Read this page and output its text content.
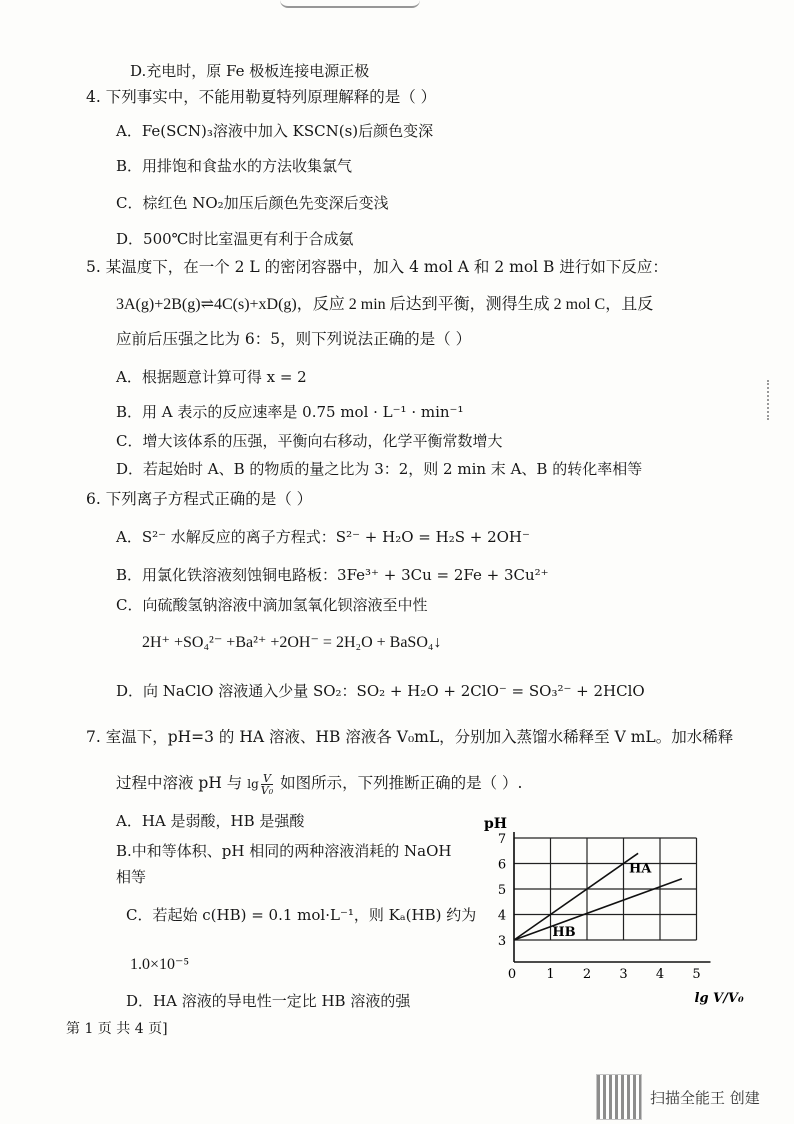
D.充电时，原 Fe 极板连接电源正极
4. 下列事实中，不能用勒夏特列原理解释的是（ ）
A．Fe(SCN)₃溶液中加入 KSCN(s)后颜色变深
B．用排饱和食盐水的方法收集氯气
C．棕红色 NO₂加压后颜色先变深后变浅
D．500℃时比室温更有利于合成氨
5. 某温度下，在一个 2 L 的密闭容器中，加入 4 mol A 和 2 mol B 进行如下反应：
3A(g)+2B(g)⇌4C(s)+xD(g)，反应 2 min 后达到平衡，测得生成 2 mol C，且反
应前后压强之比为 6：5，则下列说法正确的是（ ）
A．根据题意计算可得 x = 2
B．用 A 表示的反应速率是 0.75 mol · L⁻¹ · min⁻¹
C．增大该体系的压强，平衡向右移动，化学平衡常数增大
D．若起始时 A、B 的物质的量之比为 3：2，则 2 min 末 A、B 的转化率相等
6. 下列离子方程式正确的是（ ）
A．S²⁻ 水解反应的离子方程式：S²⁻ + H₂O = H₂S + 2OH⁻
B．用氯化铁溶液刻蚀铜电路板：3Fe³⁺ + 3Cu = 2Fe + 3Cu²⁺
C．向硫酸氢钠溶液中滴加氢氧化钡溶液至中性
2H⁺ +SO₄²⁻ +Ba²⁺ +2OH⁻ = 2H₂O + BaSO₄↓
D．向 NaClO 溶液通入少量 SO₂：SO₂ + H₂O + 2ClO⁻ = SO₃²⁻ + 2HClO
7. 室温下，pH=3 的 HA 溶液、HB 溶液各 V₀mL，分别加入蒸馏水稀释至 V mL。加水稀释
过程中溶液 pH 与 $\lg \frac{V}{\text{V₀}}$ 如图所示，下列推断正确的是（ ）.
A．HA 是弱酸，HB 是强酸
B.中和等体积、pH 相同的两种溶液消耗的 NaOH
相等
C．若起始 c(HB) = 0.1 mol·L⁻¹，则 Kₐ(HB) 约为
1.0×10⁻⁵
D．HA 溶液的导电性一定比 HB 溶液的强
3
4
5
6
7
0 1 2 3 4 5
pH
lg V/V₀
HA
HB
第 1 页 共 4 页]
扫描全能王 创建
